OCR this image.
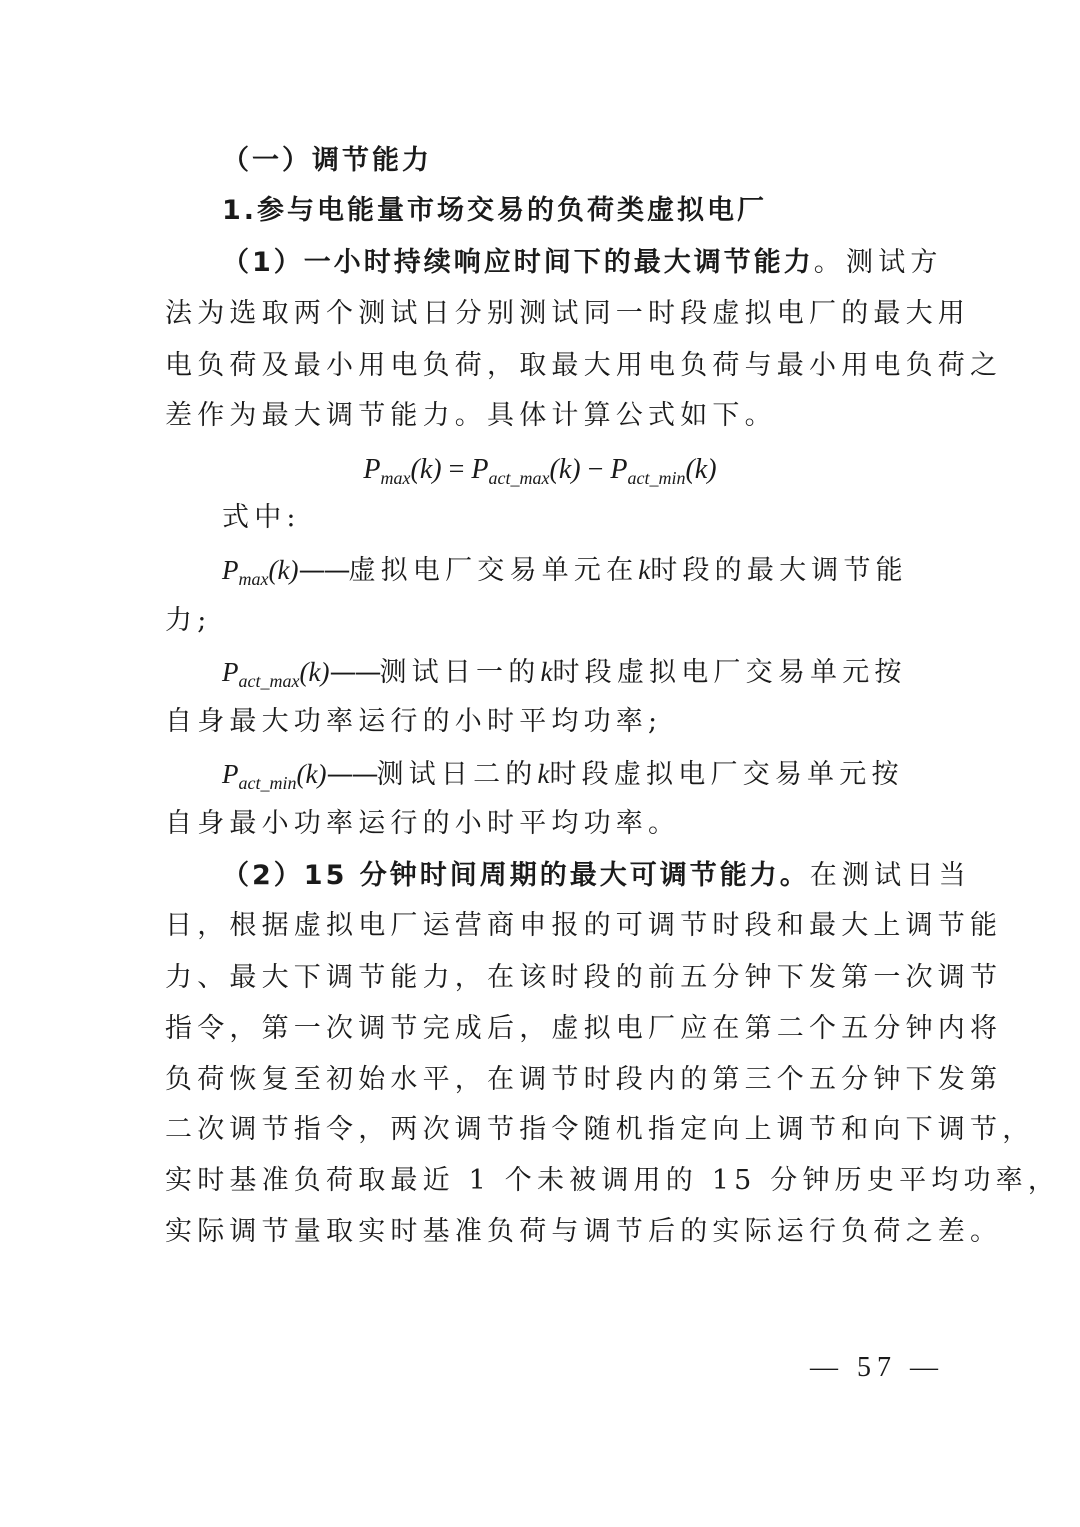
（一）调节能力
1.参与电能量市场交易的负荷类虚拟电厂
（1）一小时持续响应时间下的最大调节能力。测试方
法为选取两个测试日分别测试同一时段虚拟电厂的最大用
电负荷及最小用电负荷，取最大用电负荷与最小用电负荷之
差作为最大调节能力。具体计算公式如下。
$P_{max}(k) = P_{act\_max}(k) - P_{act\_min}(k)$
式中:
$P_{max}(k)——$虚拟电厂交易单元在k时段的最大调节能
力;
$P_{act\_max}(k)——$测试日一的k时段虚拟电厂交易单元按
自身最大功率运行的小时平均功率;
$P_{act\_min}(k)——$测试日二的k时段虚拟电厂交易单元按
自身最小功率运行的小时平均功率。
（2）15 分钟时间周期的最大可调节能力。在测试日当
日，根据虚拟电厂运营商申报的可调节时段和最大上调节能
力、最大下调节能力，在该时段的前五分钟下发第一次调节
指令，第一次调节完成后，虚拟电厂应在第二个五分钟内将
负荷恢复至初始水平，在调节时段内的第三个五分钟下发第
二次调节指令，两次调节指令随机指定向上调节和向下调节，
实时基准负荷取最近 1 个未被调用的 15 分钟历史平均功率，
实际调节量取实时基准负荷与调节后的实际运行负荷之差。
— 57 —
